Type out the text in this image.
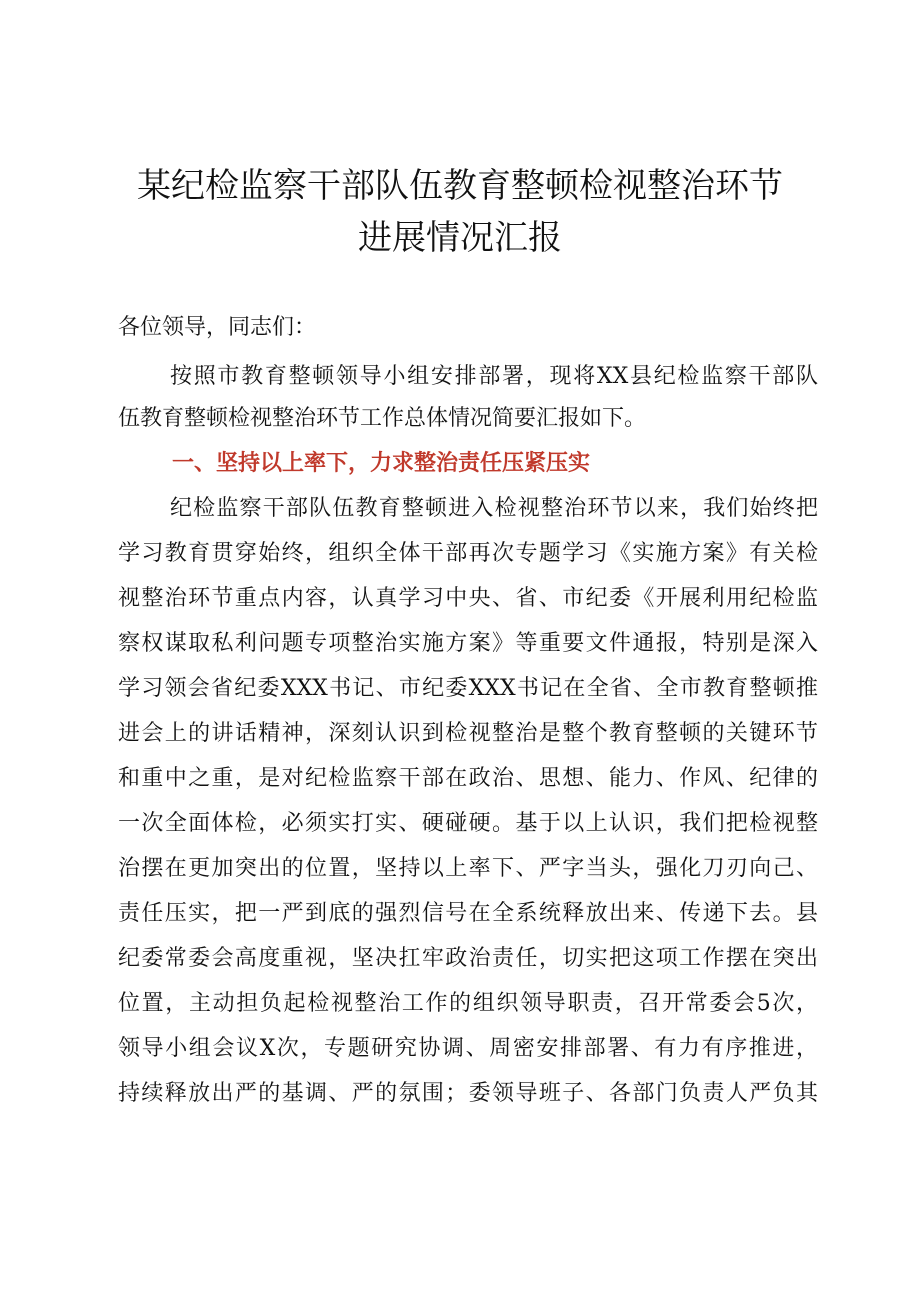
某纪检监察干部队伍教育整顿检视整治环节
进展情况汇报
各位领导，同志们：
按照市教育整顿领导小组安排部署，现将XX县纪检监察干部队
伍教育整顿检视整治环节工作总体情况简要汇报如下。
一、坚持以上率下，力求整治责任压紧压实
纪检监察干部队伍教育整顿进入检视整治环节以来，我们始终把
学习教育贯穿始终，组织全体干部再次专题学习《实施方案》有关检
视整治环节重点内容，认真学习中央、省、市纪委《开展利用纪检监
察权谋取私利问题专项整治实施方案》等重要文件通报，特别是深入
学习领会省纪委XXX书记、市纪委XXX书记在全省、全市教育整顿推
进会上的讲话精神，深刻认识到检视整治是整个教育整顿的关键环节
和重中之重，是对纪检监察干部在政治、思想、能力、作风、纪律的
一次全面体检，必须实打实、硬碰硬。基于以上认识，我们把检视整
治摆在更加突出的位置，坚持以上率下、严字当头，强化刀刃向己、
责任压实，把一严到底的强烈信号在全系统释放出来、传递下去。县
纪委常委会高度重视，坚决扛牢政治责任，切实把这项工作摆在突出
位置，主动担负起检视整治工作的组织领导职责，召开常委会5次，
领导小组会议X次，专题研究协调、周密安排部署、有力有序推进，
持续释放出严的基调、严的氛围；委领导班子、各部门负责人严负其
